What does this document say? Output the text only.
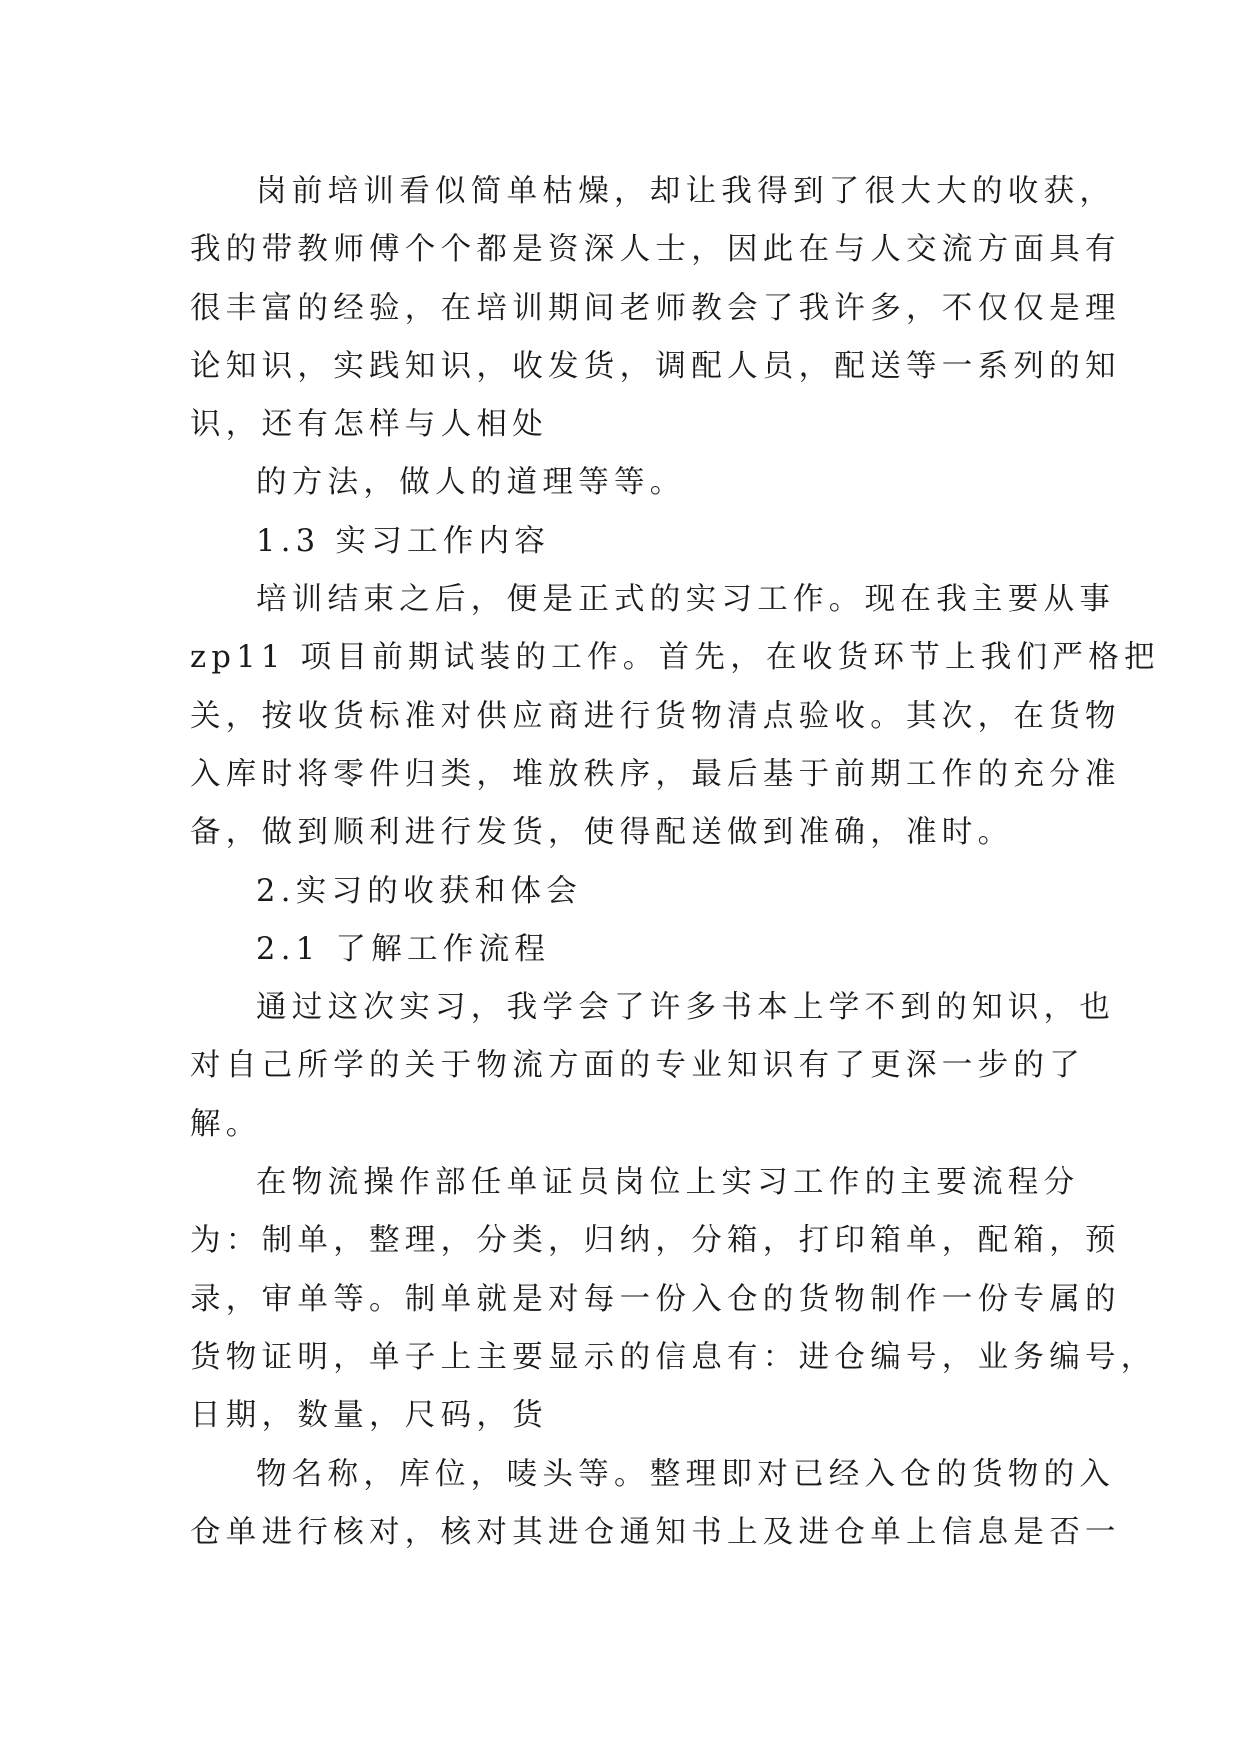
岗前培训看似简单枯燥，却让我得到了很大大的收获，
我的带教师傅个个都是资深人士，因此在与人交流方面具有
很丰富的经验，在培训期间老师教会了我许多，不仅仅是理
论知识，实践知识，收发货，调配人员，配送等一系列的知
识，还有怎样与人相处

的方法，做人的道理等等。

1.3 实习工作内容

培训结束之后，便是正式的实习工作。现在我主要从事
zp11 项目前期试装的工作。首先，在收货环节上我们严格把
关，按收货标准对供应商进行货物清点验收。其次，在货物
入库时将零件归类，堆放秩序，最后基于前期工作的充分准
备，做到顺利进行发货，使得配送做到准确，准时。

2.实习的收获和体会

2.1 了解工作流程

通过这次实习，我学会了许多书本上学不到的知识，也
对自己所学的关于物流方面的专业知识有了更深一步的了
解。

在物流操作部任单证员岗位上实习工作的主要流程分
为：制单，整理，分类，归纳，分箱，打印箱单，配箱，预
录，审单等。制单就是对每一份入仓的货物制作一份专属的
货物证明，单子上主要显示的信息有：进仓编号，业务编号，
日期，数量，尺码，货

物名称，库位，唛头等。整理即对已经入仓的货物的入
仓单进行核对，核对其进仓通知书上及进仓单上信息是否一
